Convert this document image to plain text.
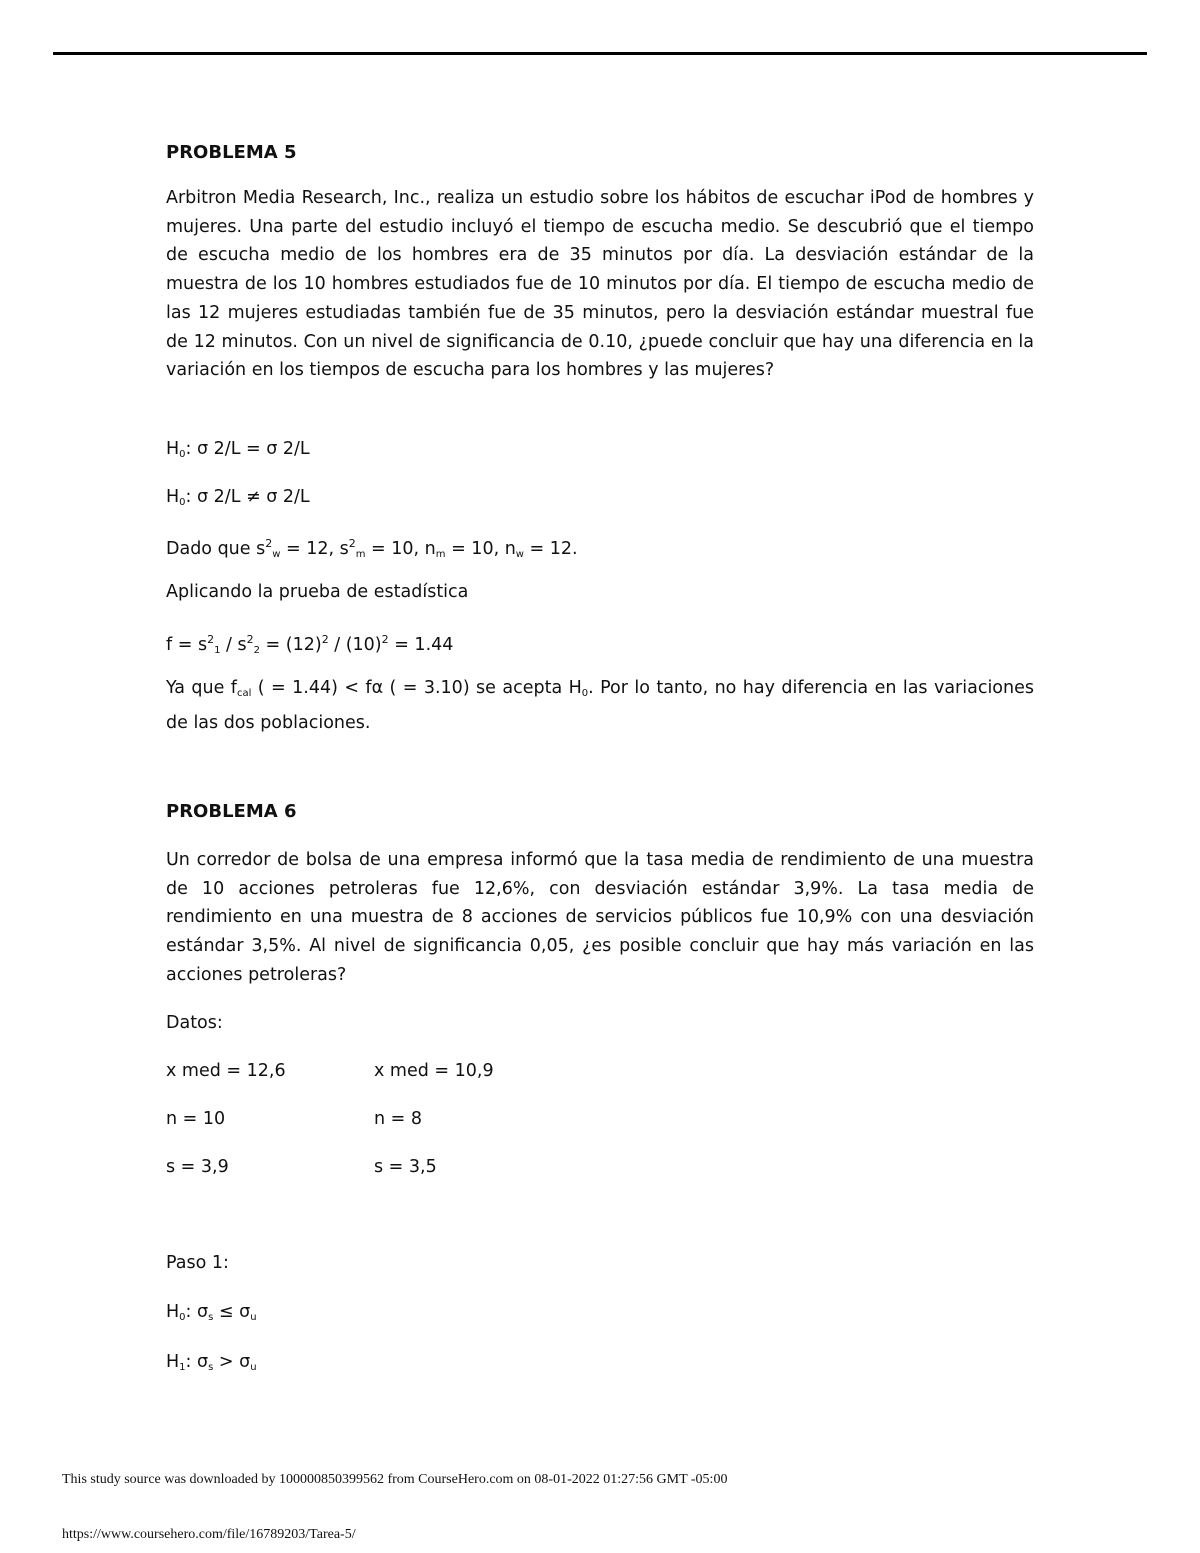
PROBLEMA 5

Arbitron Media Research, Inc., realiza un estudio sobre los hábitos de escuchar iPod de hombres y mujeres. Una parte del estudio incluyó el tiempo de escucha medio. Se descubrió que el tiempo de escucha medio de los hombres era de 35 minutos por día. La desviación estándar de la muestra de los 10 hombres estudiados fue de 10 minutos por día. El tiempo de escucha medio de las 12 mujeres estudiadas también fue de 35 minutos, pero la desviación estándar muestral fue de 12 minutos. Con un nivel de significancia de 0.10, ¿puede concluir que hay una diferencia en la variación en los tiempos de escucha para los hombres y las mujeres?

$H_0$: σ 2/L = σ 2/L
$H_0$: σ 2/L ≠ σ 2/L
Dado que $s^2_w = 12$, $s^2_m = 10$, $n_m = 10$, $n_w = 12$.
Aplicando la prueba de estadística
$f = s^2_1 / s^2_2 = (12)^2 / (10)^2 = 1.44$

Ya que $f_{cal}$ ( = 1.44) < fα ( = 3.10) se acepta $H_0$. Por lo tanto, no hay diferencia en las variaciones de las dos poblaciones.

PROBLEMA 6

Un corredor de bolsa de una empresa informó que la tasa media de rendimiento de una muestra de 10 acciones petroleras fue 12,6%, con desviación estándar 3,9%. La tasa media de rendimiento en una muestra de 8 acciones de servicios públicos fue 10,9% con una desviación estándar 3,5%. Al nivel de significancia 0,05, ¿es posible concluir que hay más variación en las acciones petroleras?

Datos:
x med = 12,6	x med = 10,9
n = 10	n = 8
s = 3,9	s = 3,5
Paso 1:
$H_0$: $\sigma_s \le \sigma_u$
$H_1$: $\sigma_s > \sigma_u$
This study source was downloaded by 100000850399562 from CourseHero.com on 08-01-2022 01:27:56 GMT -05:00
https://www.coursehero.com/file/16789203/Tarea-5/
